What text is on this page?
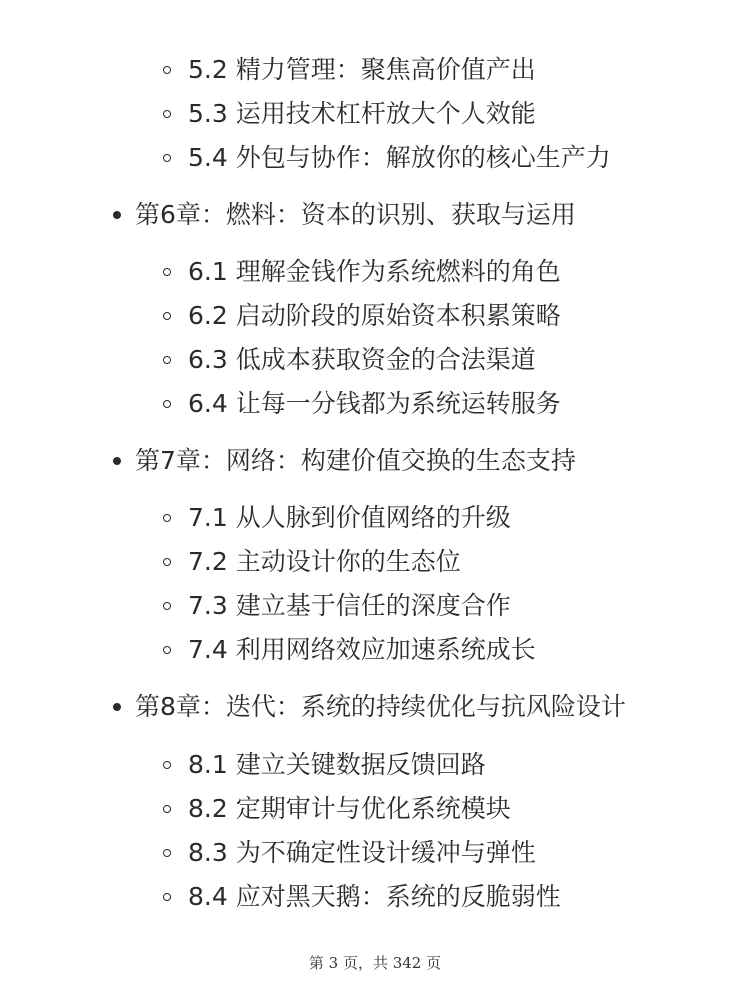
5.2 精力管理：聚焦高价值产出
5.3 运用技术杠杆放大个人效能
5.4 外包与协作：解放你的核心生产力
第6章：燃料：资本的识别、获取与运用
6.1 理解金钱作为系统燃料的角色
6.2 启动阶段的原始资本积累策略
6.3 低成本获取资金的合法渠道
6.4 让每一分钱都为系统运转服务
第7章：网络：构建价值交换的生态支持
7.1 从人脉到价值网络的升级
7.2 主动设计你的生态位
7.3 建立基于信任的深度合作
7.4 利用网络效应加速系统成长
第8章：迭代：系统的持续优化与抗风险设计
8.1 建立关键数据反馈回路
8.2 定期审计与优化系统模块
8.3 为不确定性设计缓冲与弹性
8.4 应对黑天鹅：系统的反脆弱性
第 3 页，共 342 页
